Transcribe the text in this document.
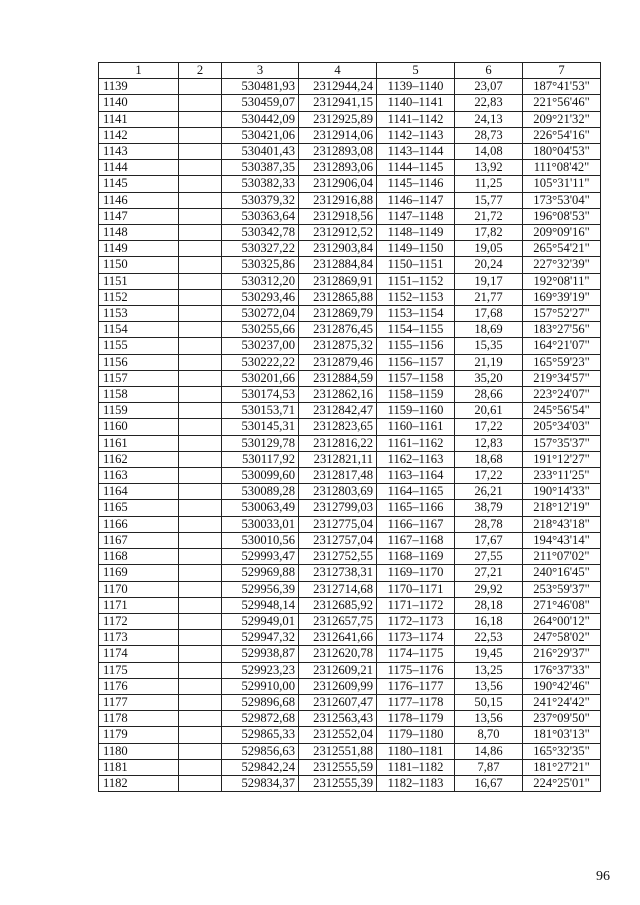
1	2	3	4	5	6	7
1139		530481,93	2312944,24	1139–1140	23,07	187°41'53"
1140		530459,07	2312941,15	1140–1141	22,83	221°56'46"
1141		530442,09	2312925,89	1141–1142	24,13	209°21'32"
1142		530421,06	2312914,06	1142–1143	28,73	226°54'16"
1143		530401,43	2312893,08	1143–1144	14,08	180°04'53"
1144		530387,35	2312893,06	1144–1145	13,92	111°08'42"
1145		530382,33	2312906,04	1145–1146	11,25	105°31'11"
1146		530379,32	2312916,88	1146–1147	15,77	173°53'04"
1147		530363,64	2312918,56	1147–1148	21,72	196°08'53"
1148		530342,78	2312912,52	1148–1149	17,82	209°09'16"
1149		530327,22	2312903,84	1149–1150	19,05	265°54'21"
1150		530325,86	2312884,84	1150–1151	20,24	227°32'39"
1151		530312,20	2312869,91	1151–1152	19,17	192°08'11"
1152		530293,46	2312865,88	1152–1153	21,77	169°39'19"
1153		530272,04	2312869,79	1153–1154	17,68	157°52'27"
1154		530255,66	2312876,45	1154–1155	18,69	183°27'56"
1155		530237,00	2312875,32	1155–1156	15,35	164°21'07"
1156		530222,22	2312879,46	1156–1157	21,19	165°59'23"
1157		530201,66	2312884,59	1157–1158	35,20	219°34'57"
1158		530174,53	2312862,16	1158–1159	28,66	223°24'07"
1159		530153,71	2312842,47	1159–1160	20,61	245°56'54"
1160		530145,31	2312823,65	1160–1161	17,22	205°34'03"
1161		530129,78	2312816,22	1161–1162	12,83	157°35'37"
1162		530117,92	2312821,11	1162–1163	18,68	191°12'27"
1163		530099,60	2312817,48	1163–1164	17,22	233°11'25"
1164		530089,28	2312803,69	1164–1165	26,21	190°14'33"
1165		530063,49	2312799,03	1165–1166	38,79	218°12'19"
1166		530033,01	2312775,04	1166–1167	28,78	218°43'18"
1167		530010,56	2312757,04	1167–1168	17,67	194°43'14"
1168		529993,47	2312752,55	1168–1169	27,55	211°07'02"
1169		529969,88	2312738,31	1169–1170	27,21	240°16'45"
1170		529956,39	2312714,68	1170–1171	29,92	253°59'37"
1171		529948,14	2312685,92	1171–1172	28,18	271°46'08"
1172		529949,01	2312657,75	1172–1173	16,18	264°00'12"
1173		529947,32	2312641,66	1173–1174	22,53	247°58'02"
1174		529938,87	2312620,78	1174–1175	19,45	216°29'37"
1175		529923,23	2312609,21	1175–1176	13,25	176°37'33"
1176		529910,00	2312609,99	1176–1177	13,56	190°42'46"
1177		529896,68	2312607,47	1177–1178	50,15	241°24'42"
1178		529872,68	2312563,43	1178–1179	13,56	237°09'50"
1179		529865,33	2312552,04	1179–1180	8,70	181°03'13"
1180		529856,63	2312551,88	1180–1181	14,86	165°32'35"
1181		529842,24	2312555,59	1181–1182	7,87	181°27'21"
1182		529834,37	2312555,39	1182–1183	16,67	224°25'01"
96
